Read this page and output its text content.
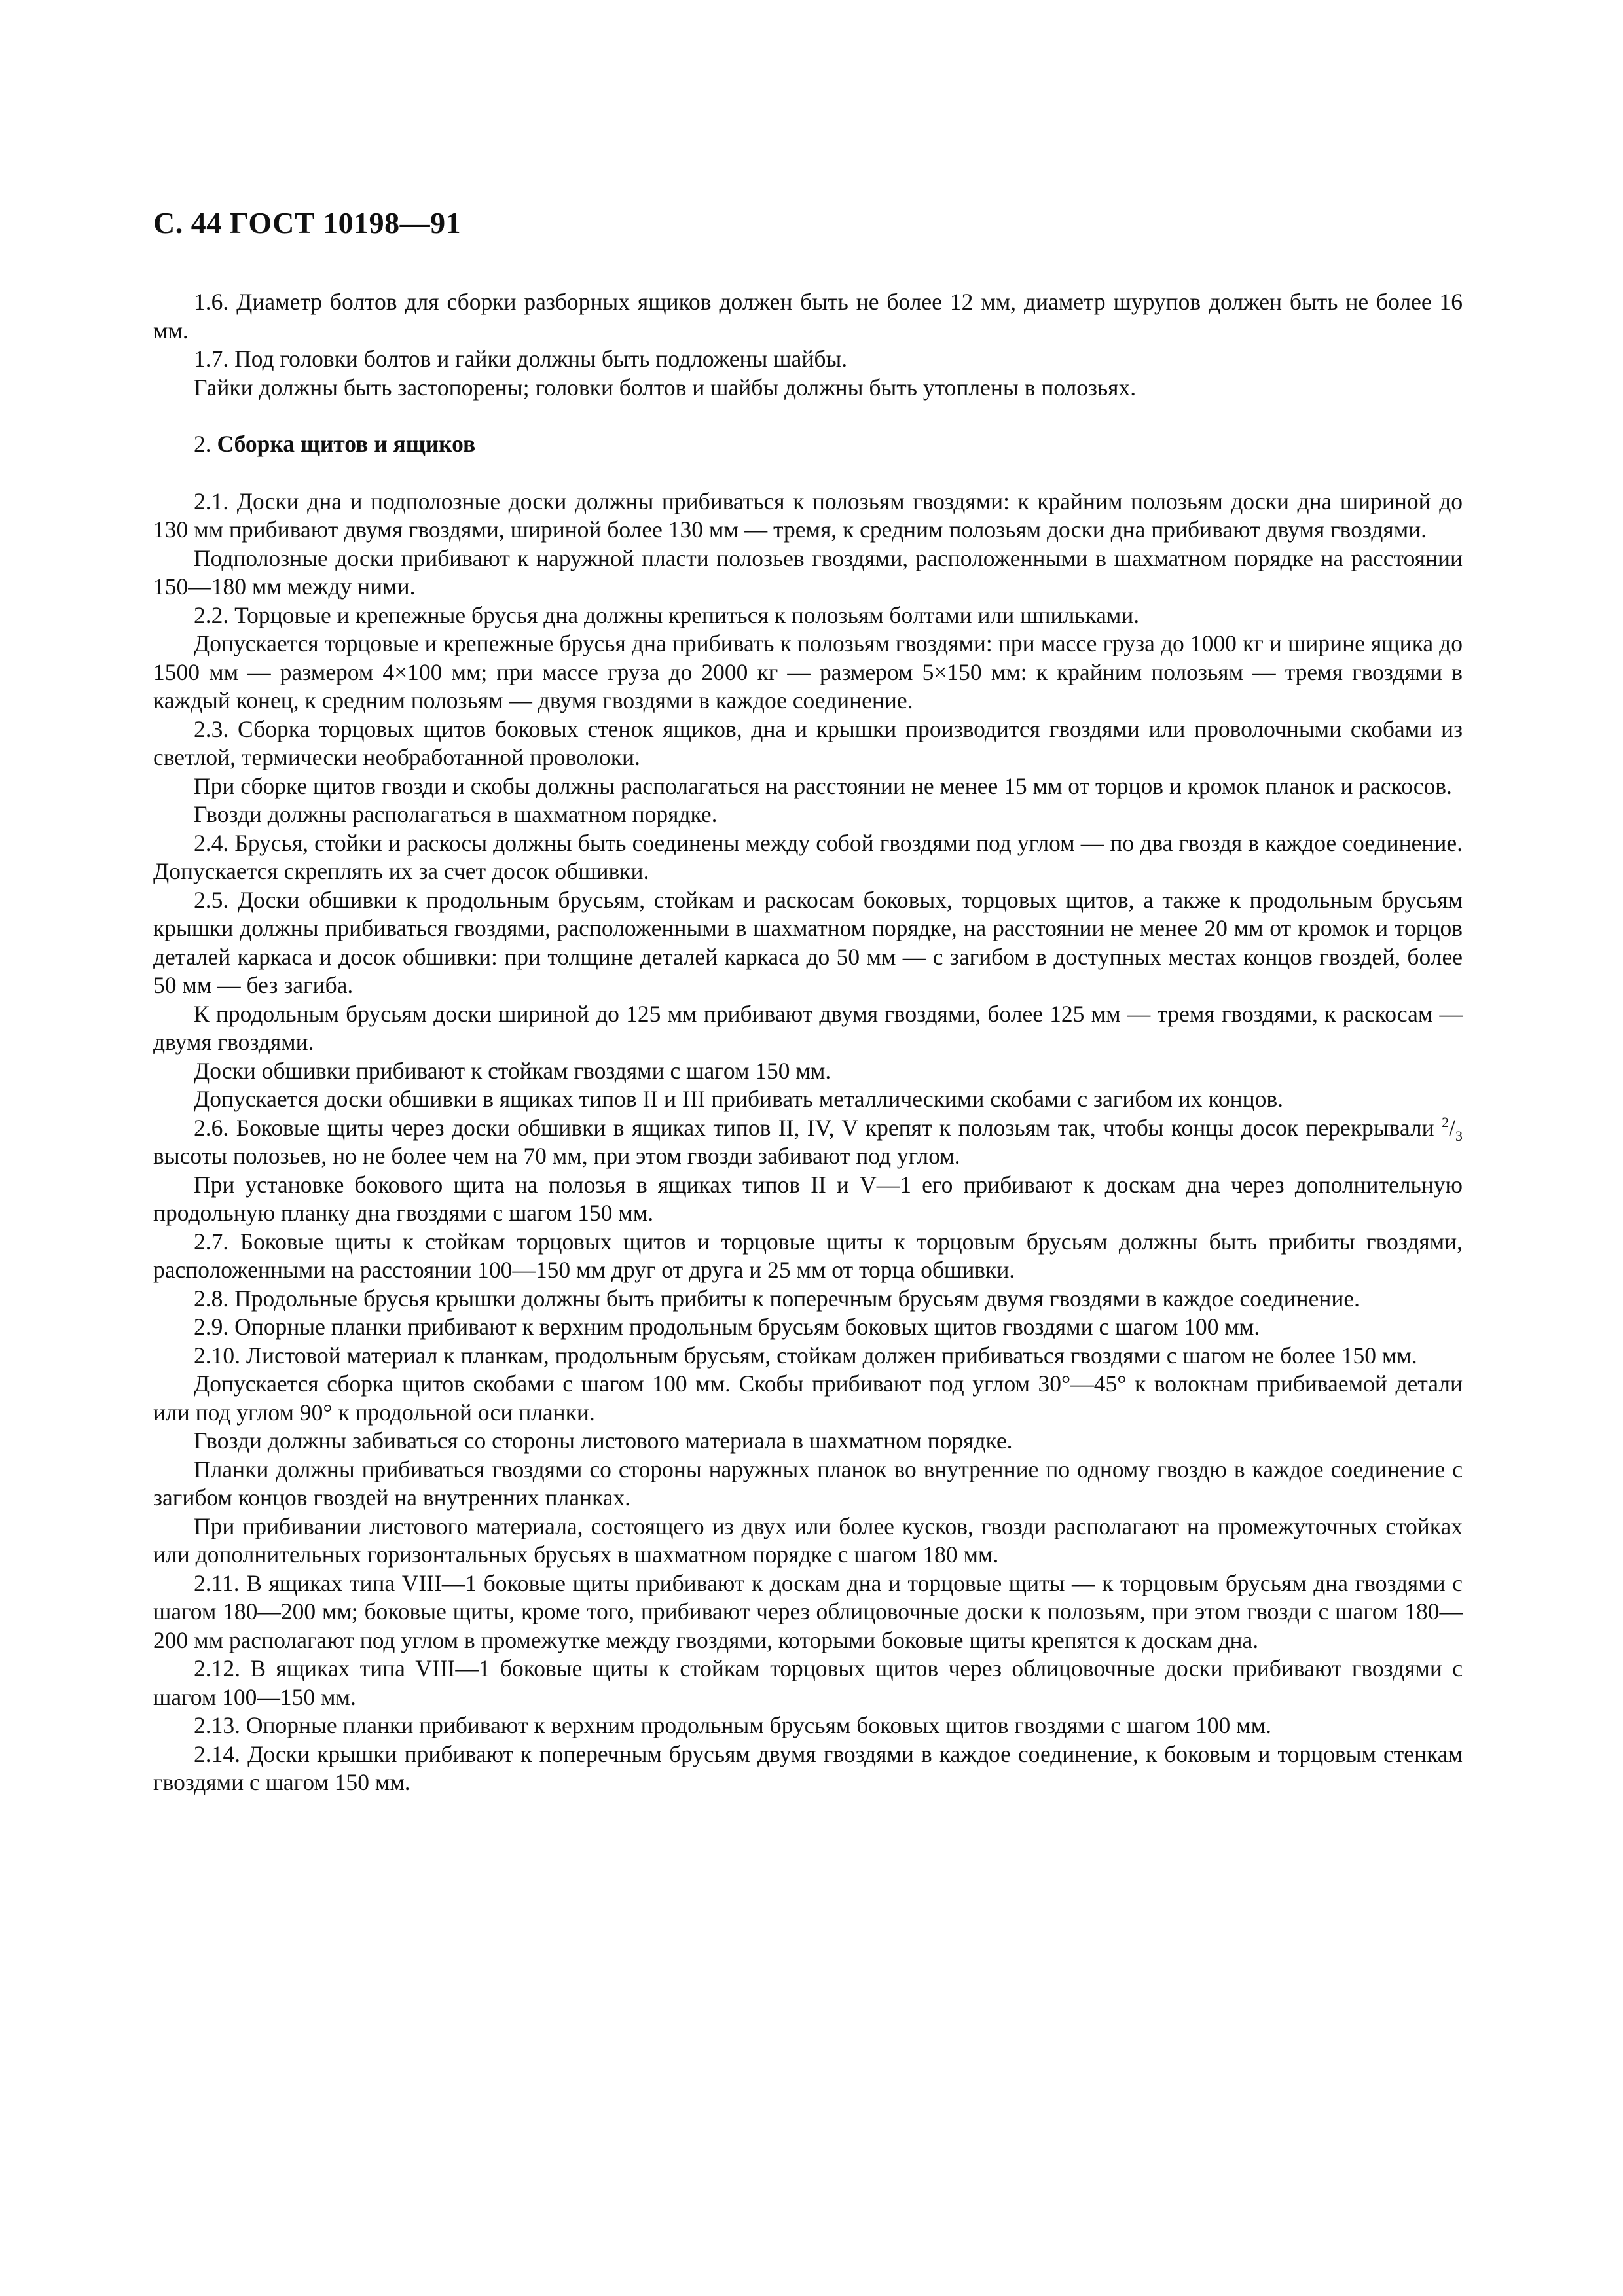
С. 44 ГОСТ 10198—91

1.6. Диаметр болтов для сборки разборных ящиков должен быть не более 12 мм, диаметр шурупов должен быть не более 16 мм.

1.7. Под головки болтов и гайки должны быть подложены шайбы.

Гайки должны быть застопорены; головки болтов и шайбы должны быть утоплены в полозьях.

2. Сборка щитов и ящиков

2.1. Доски дна и подполозные доски должны прибиваться к полозьям гвоздями: к крайним полозьям доски дна шириной до 130 мм прибивают двумя гвоздями, шириной более 130 мм — тремя, к средним полозьям доски дна прибивают двумя гвоздями.

Подполозные доски прибивают к наружной пласти полозьев гвоздями, расположенными в шахматном порядке на расстоянии 150—180 мм между ними.

2.2. Торцовые и крепежные брусья дна должны крепиться к полозьям болтами или шпильками.

Допускается торцовые и крепежные брусья дна прибивать к полозьям гвоздями: при массе груза до 1000 кг и ширине ящика до 1500 мм — размером 4×100 мм; при массе груза до 2000 кг — размером 5×150 мм: к крайним полозьям — тремя гвоздями в каждый конец, к средним полозьям — двумя гвоздями в каждое соединение.

2.3. Сборка торцовых щитов боковых стенок ящиков, дна и крышки производится гвоздями или проволочными скобами из светлой, термически необработанной проволоки.

При сборке щитов гвозди и скобы должны располагаться на расстоянии не менее 15 мм от торцов и кромок планок и раскосов.

Гвозди должны располагаться в шахматном порядке.

2.4. Брусья, стойки и раскосы должны быть соединены между собой гвоздями под углом — по два гвоздя в каждое соединение. Допускается скреплять их за счет досок обшивки.

2.5. Доски обшивки к продольным брусьям, стойкам и раскосам боковых, торцовых щитов, а также к продольным брусьям крышки должны прибиваться гвоздями, расположенными в шахматном порядке, на расстоянии не менее 20 мм от кромок и торцов деталей каркаса и досок обшивки: при толщине деталей каркаса до 50 мм — с загибом в доступных местах концов гвоздей, более 50 мм — без загиба.

К продольным брусьям доски шириной до 125 мм прибивают двумя гвоздями, более 125 мм — тремя гвоздями, к раскосам — двумя гвоздями.

Доски обшивки прибивают к стойкам гвоздями с шагом 150 мм.

Допускается доски обшивки в ящиках типов II и III прибивать металлическими скобами с загибом их концов.

2.6. Боковые щиты через доски обшивки в ящиках типов II, IV, V крепят к полозьям так, чтобы концы досок перекрывали $^2/_3$ высоты полозьев, но не более чем на 70 мм, при этом гвозди забивают под углом.

При установке бокового щита на полозья в ящиках типов II и V—1 его прибивают к доскам дна через дополнительную продольную планку дна гвоздями с шагом 150 мм.

2.7. Боковые щиты к стойкам торцовых щитов и торцовые щиты к торцовым брусьям должны быть прибиты гвоздями, расположенными на расстоянии 100—150 мм друг от друга и 25 мм от торца обшивки.

2.8. Продольные брусья крышки должны быть прибиты к поперечным брусьям двумя гвоздями в каждое соединение.

2.9. Опорные планки прибивают к верхним продольным брусьям боковых щитов гвоздями с шагом 100 мм.

2.10. Листовой материал к планкам, продольным брусьям, стойкам должен прибиваться гвоздями с шагом не более 150 мм.

Допускается сборка щитов скобами с шагом 100 мм. Скобы прибивают под углом 30°—45° к волокнам прибиваемой детали или под углом 90° к продольной оси планки.

Гвозди должны забиваться со стороны листового материала в шахматном порядке.

Планки должны прибиваться гвоздями со стороны наружных планок во внутренние по одному гвоздю в каждое соединение с загибом концов гвоздей на внутренних планках.

При прибивании листового материала, состоящего из двух или более кусков, гвозди располагают на промежуточных стойках или дополнительных горизонтальных брусьях в шахматном порядке с шагом 180 мм.

2.11. В ящиках типа VIII—1 боковые щиты прибивают к доскам дна и торцовые щиты — к торцовым брусьям дна гвоздями с шагом 180—200 мм; боковые щиты, кроме того, прибивают через облицовочные доски к полозьям, при этом гвозди с шагом 180—200 мм располагают под углом в промежутке между гвоздями, которыми боковые щиты крепятся к доскам дна.

2.12. В ящиках типа VIII—1 боковые щиты к стойкам торцовых щитов через облицовочные доски прибивают гвоздями с шагом 100—150 мм.

2.13. Опорные планки прибивают к верхним продольным брусьям боковых щитов гвоздями с шагом 100 мм.

2.14. Доски крышки прибивают к поперечным брусьям двумя гвоздями в каждое соединение, к боковым и торцовым стенкам гвоздями с шагом 150 мм.
